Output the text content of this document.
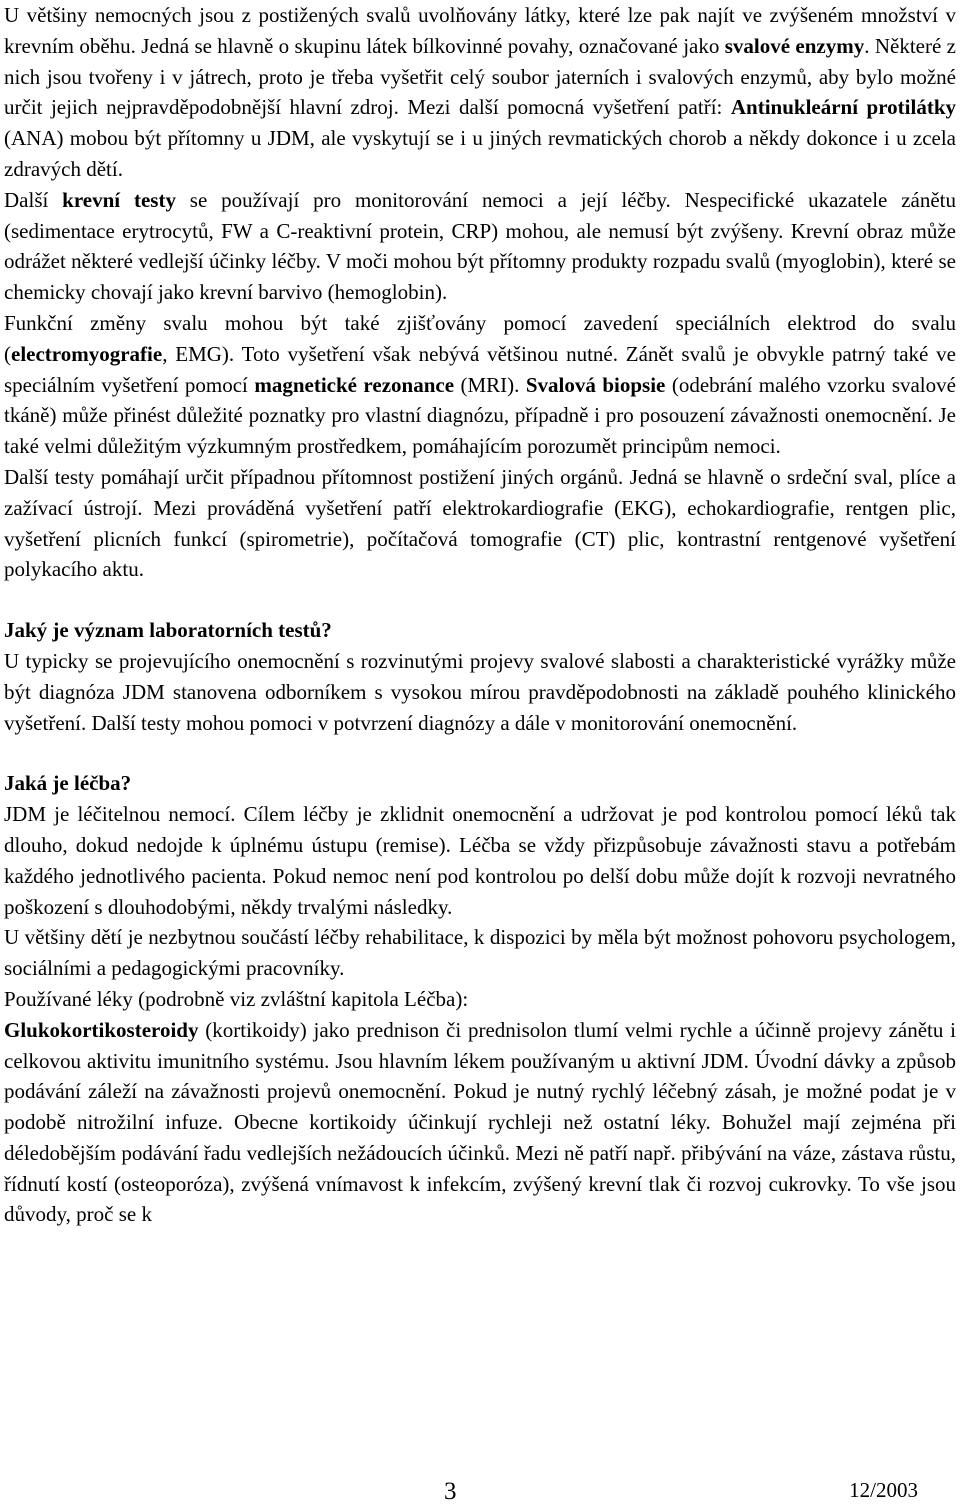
U většiny nemocných jsou z postižených svalů uvolňovány látky, které lze pak najít ve zvýšeném množství v krevním oběhu. Jedná se hlavně o skupinu látek bílkovinné povahy, označované jako svalové enzymy. Některé z nich jsou tvořeny i v játrech, proto je třeba vyšetřit celý soubor jaterních i svalových enzymů, aby bylo možné určit jejich nejpravděpodobnější hlavní zdroj. Mezi další pomocná vyšetření patří: Antinukleární protilátky (ANA) mobou být přítomny u JDM, ale vyskytují se i u jiných revmatických chorob a někdy dokonce i u zcela zdravých dětí.

Další krevní testy se používají pro monitorování nemoci a její léčby. Nespecifické ukazatele zánětu (sedimentace erytrocytů, FW a C-reaktivní protein, CRP) mohou, ale nemusí být zvýšeny. Krevní obraz může odrážet některé vedlejší účinky léčby. V moči mohou být přítomny produkty rozpadu svalů (myoglobin), které se chemicky chovají jako krevní barvivo (hemoglobin).

Funkční změny svalu mohou být také zjišťovány pomocí zavedení speciálních elektrod do svalu (electromyografie, EMG). Toto vyšetření však nebývá většinou nutné. Zánět svalů je obvykle patrný také ve speciálním vyšetření pomocí magnetické rezonance (MRI). Svalová biopsie (odebrání malého vzorku svalové tkáně) může přinést důležité poznatky pro vlastní diagnózu, případně i pro posouzení závažnosti onemocnění. Je také velmi důležitým výzkumným prostředkem, pomáhajícím porozumět principům nemoci.

Další testy pomáhají určit případnou přítomnost postižení jiných orgánů. Jedná se hlavně o srdeční sval, plíce a zažívací ústrojí. Mezi prováděná vyšetření patří elektrokardiografie (EKG), echokardiografie, rentgen plic, vyšetření plicních funkcí (spirometrie), počítačová tomografie (CT) plic, kontrastní rentgenové vyšetření polykacího aktu.

Jaký je význam laboratorních testů?

U typicky se projevujícího onemocnění s rozvinutými projevy svalové slabosti a charakteristické vyrážky může být diagnóza JDM stanovena odborníkem s vysokou mírou pravděpodobnosti na základě pouhého klinického vyšetření. Další testy mohou pomoci v potvrzení diagnózy a dále v monitorování onemocnění.

Jaká je léčba?

JDM je léčitelnou nemocí. Cílem léčby je zklidnit onemocnění a udržovat je pod kontrolou pomocí léků tak dlouho, dokud nedojde k úplnému ústupu (remise). Léčba se vždy přizpůsobuje závažnosti stavu a potřebám každého jednotlivého pacienta. Pokud nemoc není pod kontrolou po delší dobu může dojít k rozvoji nevratného poškození s dlouhodobými, někdy trvalými následky.

U většiny dětí je nezbytnou součástí léčby rehabilitace, k dispozici by měla být možnost pohovoru psychologem, sociálními a pedagogickými pracovníky.

Používané léky (podrobně viz zvláštní kapitola Léčba):

Glukokortikosteroidy (kortikoidy) jako prednison či prednisolon tlumí velmi rychle a účinně projevy zánětu i celkovou aktivitu imunitního systému. Jsou hlavním lékem používaným u aktivní JDM. Úvodní dávky a způsob podávání záleží na závažnosti projevů onemocnění. Pokud je nutný rychlý léčebný zásah, je možné podat je v podobě nitrožilní infuze. Obecne kortikoidy účinkují rychleji než ostatní léky. Bohužel mají zejména při déledobějším podávání řadu vedlejších nežádoucích účinků. Mezi ně patří např. přibývání na váze, zástava růstu, řídnutí kostí (osteoporóza), zvýšená vnímavost k infekcím, zvýšený krevní tlak či rozvoj cukrovky. To vše jsou důvody, proč se k

3	12/2003
